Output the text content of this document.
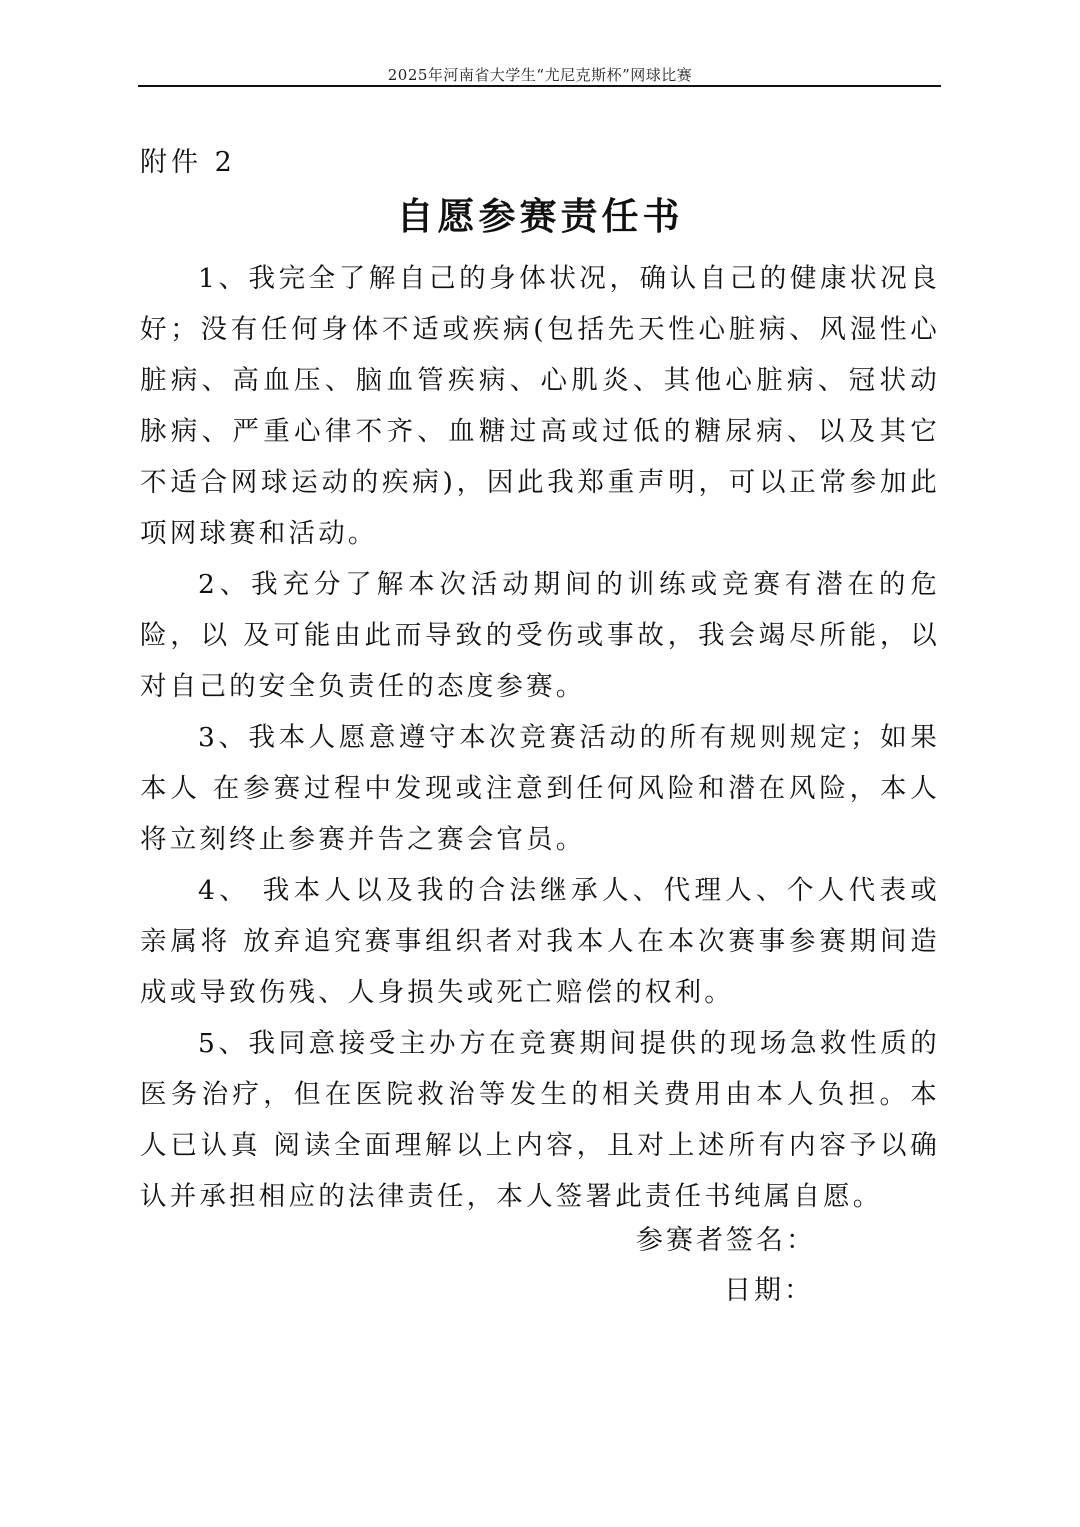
2025年河南省大学生“尤尼克斯杯”网球比赛
附件 2
自愿参赛责任书

1、我完全了解自己的身体状况，确认自己的健康状况良好；没有任何身体不适或疾病(包括先天性心脏病、风湿性心脏病、高血压、脑血管疾病、心肌炎、其他心脏病、冠状动脉病、严重心律不齐、血糖过高或过低的糖尿病、以及其它不适合网球运动的疾病)，因此我郑重声明，可以正常参加此项网球赛和活动。

2、我充分了解本次活动期间的训练或竞赛有潜在的危险，以 及可能由此而导致的受伤或事故，我会竭尽所能，以对自己的安全负责任的态度参赛。

3、我本人愿意遵守本次竞赛活动的所有规则规定；如果本人 在参赛过程中发现或注意到任何风险和潜在风险，本人将立刻终止参赛并告之赛会官员。

4、 我本人以及我的合法继承人、代理人、个人代表或亲属将 放弃追究赛事组织者对我本人在本次赛事参赛期间造成或导致伤残、人身损失或死亡赔偿的权利。

5、我同意接受主办方在竞赛期间提供的现场急救性质的医务治疗，但在医院救治等发生的相关费用由本人负担。本人已认真 阅读全面理解以上内容，且对上述所有内容予以确认并承担相应的法律责任，本人签署此责任书纯属自愿。

参赛者签名：
日期：
